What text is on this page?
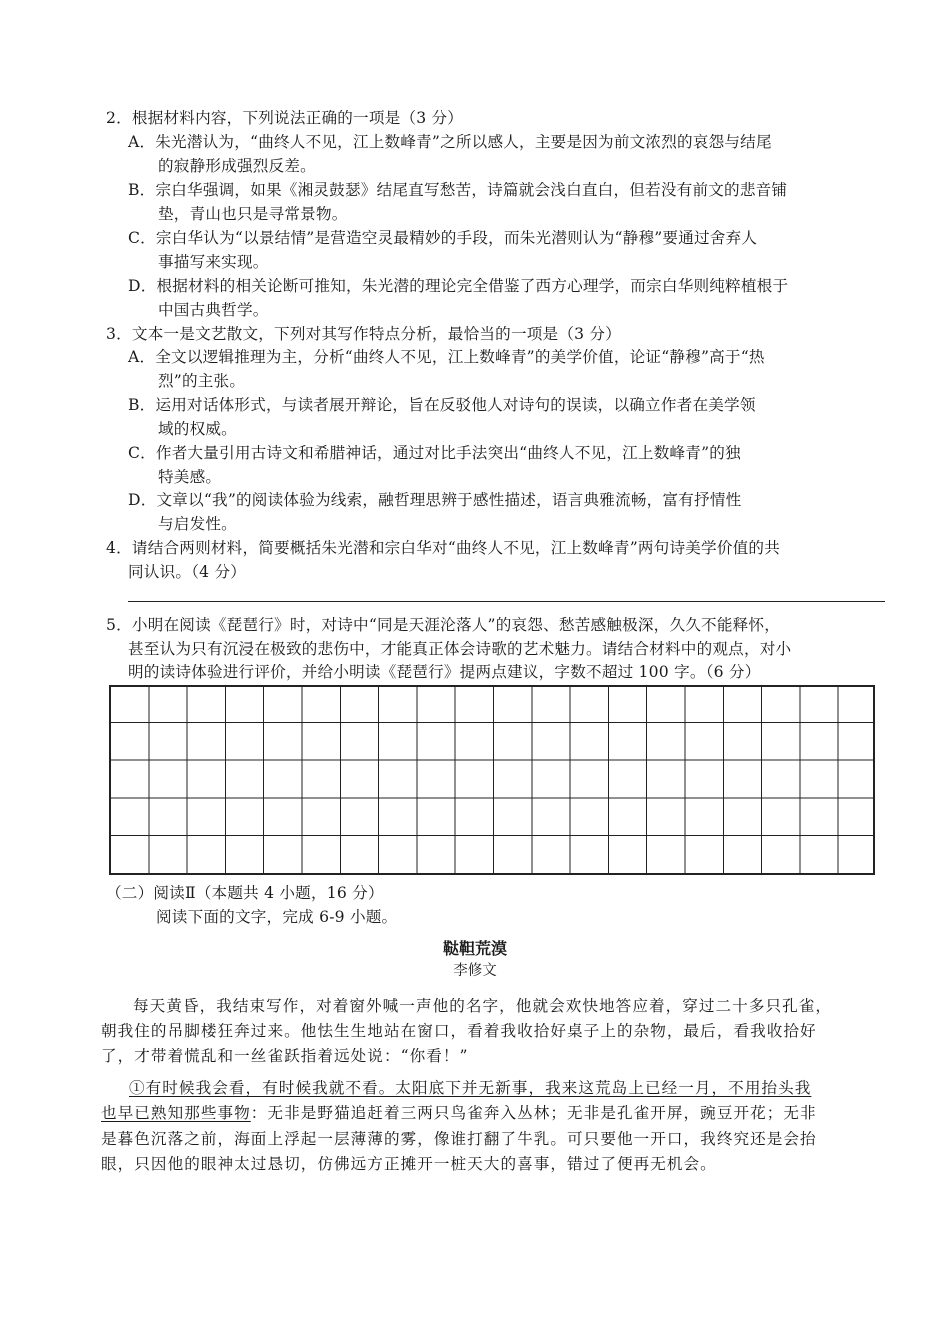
2．根据材料内容，下列说法正确的一项是（3 分）
A．朱光潜认为，“曲终人不见，江上数峰青”之所以感人，主要是因为前文浓烈的哀怨与结尾
的寂静形成强烈反差。
B．宗白华强调，如果《湘灵鼓瑟》结尾直写愁苦，诗篇就会浅白直白，但若没有前文的悲音铺
垫，青山也只是寻常景物。
C．宗白华认为“以景结情”是营造空灵最精妙的手段，而朱光潜则认为“静穆”要通过舍弃人
事描写来实现。
D．根据材料的相关论断可推知，朱光潜的理论完全借鉴了西方心理学，而宗白华则纯粹植根于
中国古典哲学。
3．文本一是文艺散文，下列对其写作特点分析，最恰当的一项是（3 分）
A．全文以逻辑推理为主，分析“曲终人不见，江上数峰青”的美学价值，论证“静穆”高于“热
烈”的主张。
B．运用对话体形式，与读者展开辩论，旨在反驳他人对诗句的误读，以确立作者在美学领
域的权威。
C．作者大量引用古诗文和希腊神话，通过对比手法突出“曲终人不见，江上数峰青”的独
特美感。
D．文章以“我”的阅读体验为线索，融哲理思辨于感性描述，语言典雅流畅，富有抒情性
与启发性。
4．请结合两则材料，简要概括朱光潜和宗白华对“曲终人不见，江上数峰青”两句诗美学价值的共
同认识。（4 分）
5．小明在阅读《琵琶行》时，对诗中“同是天涯沦落人”的哀怨、愁苦感触极深，久久不能释怀，
甚至认为只有沉浸在极致的悲伤中，才能真正体会诗歌的艺术魅力。请结合材料中的观点，对小
明的读诗体验进行评价，并给小明读《琵琶行》提两点建议，字数不超过 100 字。（6 分）
（二）阅读Ⅱ（本题共 4 小题，16 分）
阅读下面的文字，完成 6-9 小题。
鞑靼荒漠
李修文
每天黄昏，我结束写作，对着窗外喊一声他的名字，他就会欢快地答应着，穿过二十多只孔雀，
朝我住的吊脚楼狂奔过来。他怯生生地站在窗口，看着我收拾好桌子上的杂物，最后，看我收拾好
了，才带着慌乱和一丝雀跃指着远处说：“你看！”
①有时候我会看，有时候我就不看。太阳底下并无新事，我来这荒岛上已经一月，不用抬头我
也早已熟知那些事物：无非是野猫追赶着三两只鸟雀奔入丛林；无非是孔雀开屏，豌豆开花；无非
是暮色沉落之前，海面上浮起一层薄薄的雾，像谁打翻了牛乳。可只要他一开口，我终究还是会抬
眼，只因他的眼神太过恳切，仿佛远方正摊开一桩天大的喜事，错过了便再无机会。
